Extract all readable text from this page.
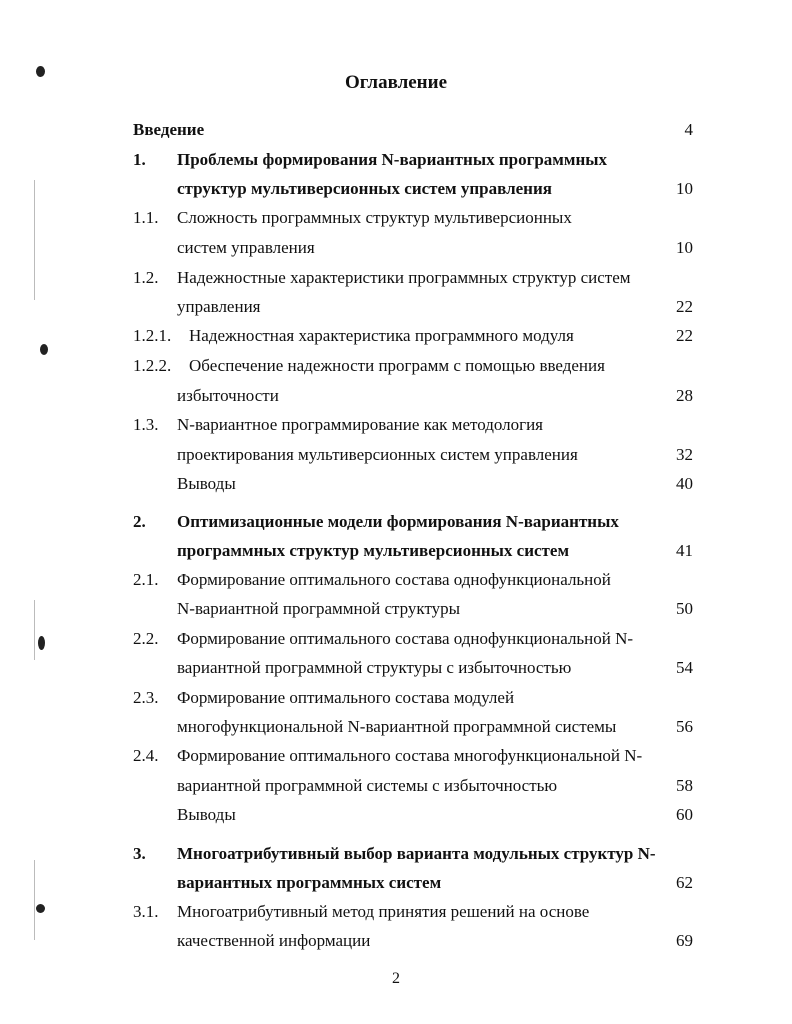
Оглавление
Введение	4
1. Проблемы формирования N-вариантных программных
структур мультиверсионных систем управления	10
1.1. Сложность программных структур мультиверсионных
систем управления	10
1.2. Надежностные характеристики программных структур систем
управления	22
1.2.1. Надежностная характеристика программного модуля	22
1.2.2. Обеспечение надежности программ с помощью введения
избыточности	28
1.3. N-вариантное программирование как методология
проектирования мультиверсионных систем управления	32
Выводы	40
2. Оптимизационные модели формирования N-вариантных
программных структур мультиверсионных систем	41
2.1. Формирование оптимального состава однофункциональной
N-вариантной программной структуры	50
2.2. Формирование оптимального состава однофункциональной N-
вариантной программной структуры с избыточностью	54
2.3. Формирование оптимального состава модулей
многофункциональной N-вариантной программной системы	56
2.4. Формирование оптимального состава многофункциональной N-
вариантной программной системы с избыточностью	58
Выводы	60
3. Многоатрибутивный выбор варианта модульных структур N-
вариантных программных систем	62
3.1. Многоатрибутивный метод принятия решений на основе
качественной информации	69
2
